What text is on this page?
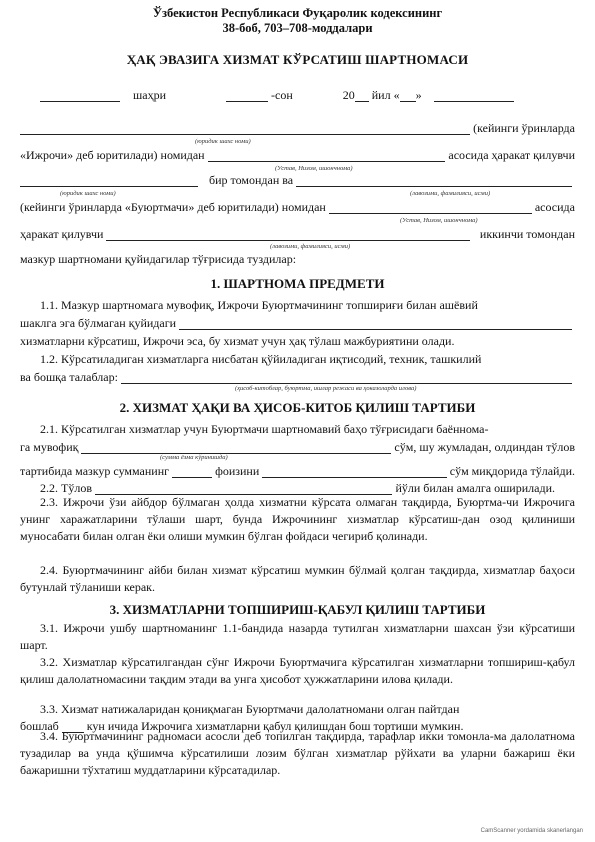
Ўзбекистон Республикаси Фуқаролик кодексининг
38-боб, 703–708-моддалари
ҲАҚ ЭВАЗИГА ХИЗМАТ КЎРСАТИШ ШАРТНОМАСИ
шаҳри	-сон	20 йил « »
(кейинги ўринларда
(юридик шахс номи)
«Ижрочи» деб юритилади) номидан	асосида ҳаракат қилувчи
(Устав, Низом, ишончнома)
бир томондан ва
(юридик шахс номи)	(лавозими, фамилияси, исми)
(кейинги ўринларда «Буюртмачи» деб юритилади) номидан	асосида
(Устав, Низом, ишончнома)
ҳаракат қилувчи	иккинчи томондан
(лавозими, фамилияси, исми)
мазкур шартномани қуйидагилар тўғрисида туздилар:
1. ШАРТНОМА ПРЕДМЕТИ
1.1. Мазкур шартномага мувофиқ, Ижрочи Буюртмачининг топшириғи билан ашёвий
шаклга эга бўлмаган қуйидаги
хизматларни кўрсатиш, Ижрочи эса, бу хизмат учун ҳақ тўлаш мажбуриятини олади.
1.2. Кўрсатиладиган хизматларга нисбатан қўйиладиган иқтисодий, техник, ташкилий
ва бошқа талаблар:
(ҳисоб-китоблар, буюртма, ишлар режаси ва ҳоказоларда илова)
2. ХИЗМАТ ҲАҚИ ВА ҲИСОБ-КИТОБ ҚИЛИШ ТАРТИБИ
2.1. Кўрсатилган хизматлар учун Буюртмачи шартномавий баҳо тўғрисидаги баённома-
га мувофиқ	сўм, шу жумладан, олдиндан тўлов
(сумма ёзма кўринишда)
тартибида мазкур сумманинг	фоизини	сўм миқдорида тўлайди.
2.2. Тўлов	йўли билан амалга оширилади.
2.3. Ижрочи ўзи айбдор бўлмаган ҳолда хизматни кўрсата олмаган тақдирда, Буюртма-чи Ижрочига унинг харажатларини тўлаши шарт, бунда Ижрочининг хизматлар кўрсатиш-дан озод қилиниши муносабати билан олган ёки олиши мумкин бўлган фойдаси чегириб қолинади.
2.4. Буюртмачининг айби билан хизмат кўрсатиш мумкин бўлмай қолган тақдирда, хизматлар баҳоси бутунлай тўланиши керак.
3. ХИЗМАТЛАРНИ ТОПШИРИШ-ҚАБУЛ ҚИЛИШ ТАРТИБИ
3.1. Ижрочи ушбу шартноманинг 1.1-бандида назарда тутилган хизматларни шахсан ўзи кўрсатиши шарт.
3.2. Хизматлар кўрсатилгандан сўнг Ижрочи Буюртмачига кўрсатилган хизматларни топшириш-қабул қилиш далолатномасини тақдим этади ва унга ҳисобот ҳужжатларини илова қилади.
3.3. Хизмат натижаларидан қониқмаган Буюртмачи далолатномани олган пайтдан
бошлаб кун ичида Ижрочига хизматларни қабул қилишдан бош тортиши мумкин.
3.4. Буюртмачининг радномаси асосли деб топилган тақдирда, тарафлар икки томонла-ма далолатнома тузадилар ва унда қўшимча кўрсатилиши лозим бўлган хизматлар рўйхати ва уларни бажариш ёки бажаришни тўхтатиш муддатларини кўрсатадилар.
CamScanner yordamida skanerlangan
